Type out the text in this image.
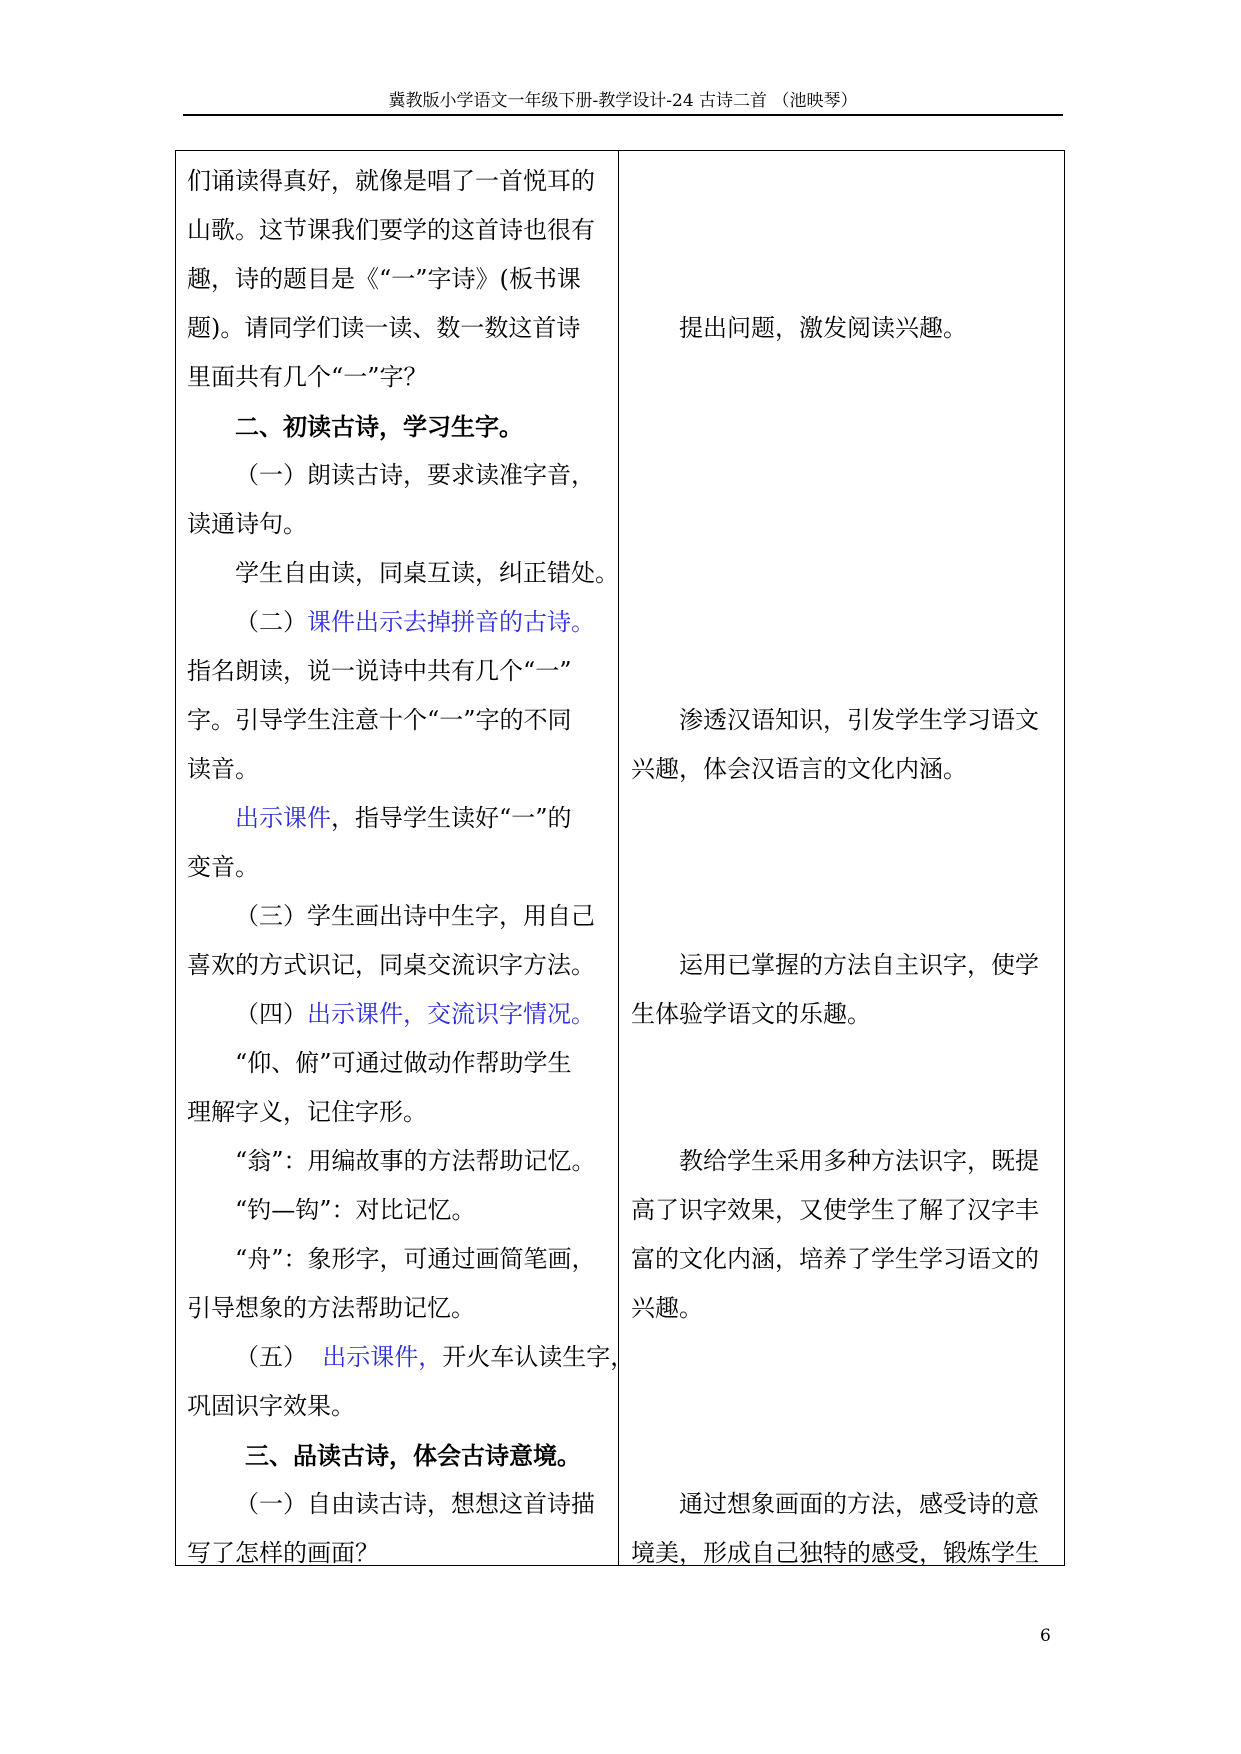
冀教版小学语文一年级下册-教学设计-24 古诗二首 （池映琴）
们诵读得真好，就像是唱了一首悦耳的
山歌。这节课我们要学的这首诗也很有
趣，诗的题目是《“一”字诗》(板书课
题)。请同学们读一读、数一数这首诗
里面共有几个“一”字？
二、初读古诗，学习生字。
（一）朗读古诗，要求读准字音，
读通诗句。
学生自由读，同桌互读，纠正错处。
（二）课件出示去掉拼音的古诗。
指名朗读，说一说诗中共有几个“一”
字。引导学生注意十个“一”字的不同
读音。
出示课件，指导学生读好“一”的
变音。
（三）学生画出诗中生字，用自己
喜欢的方式识记，同桌交流识字方法。
（四）出示课件，交流识字情况。
“仰、俯”可通过做动作帮助学生
理解字义，记住字形。
“翁”：用编故事的方法帮助记忆。
“钓—钩”：对比记忆。
“舟”：象形字，可通过画简笔画，
引导想象的方法帮助记忆。
（五）  出示课件，开火车认读生字，
巩固识字效果。
三、品读古诗，体会古诗意境。
（一）自由读古诗，想想这首诗描
写了怎样的画面？
提出问题，激发阅读兴趣。
渗透汉语知识，引发学生学习语文
兴趣，体会汉语言的文化内涵。
运用已掌握的方法自主识字，使学
生体验学语文的乐趣。
教给学生采用多种方法识字，既提
高了识字效果，又使学生了解了汉字丰
富的文化内涵，培养了学生学习语文的
兴趣。
通过想象画面的方法，感受诗的意
境美，形成自己独特的感受，锻炼学生
6
